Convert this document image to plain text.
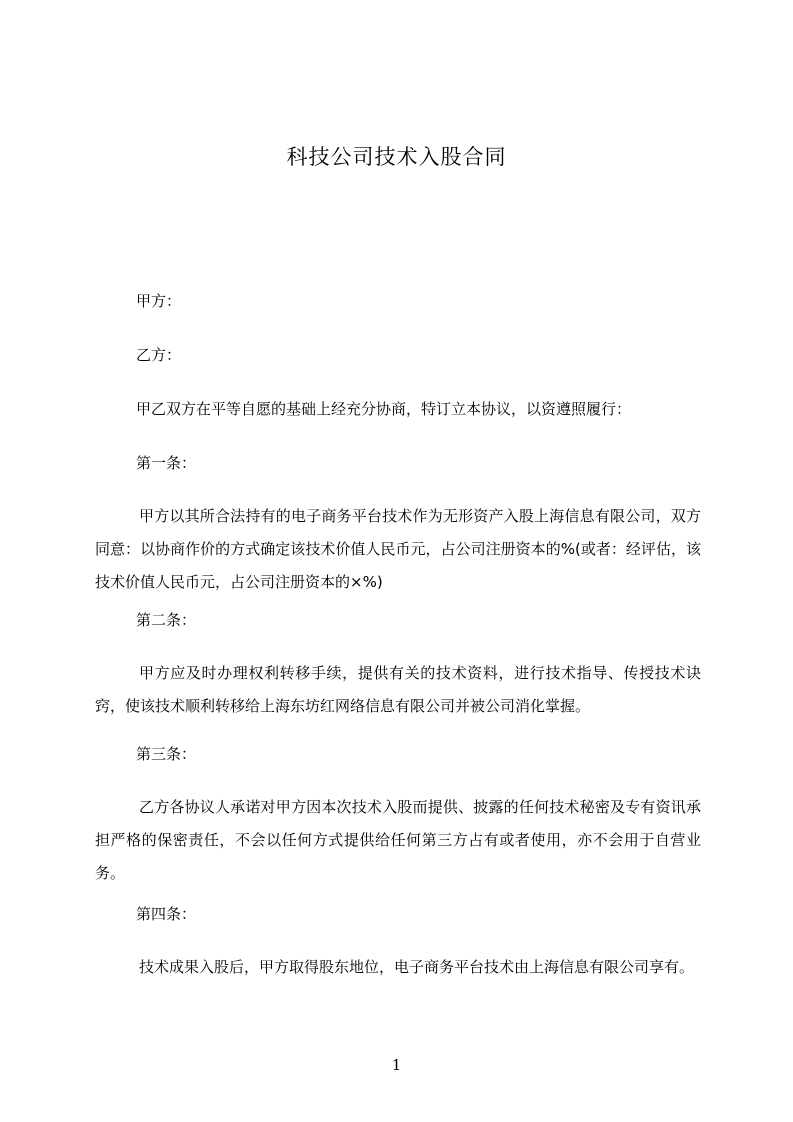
科技公司技术入股合同
甲方：
乙方：
甲乙双方在平等自愿的基础上经充分协商，特订立本协议，以资遵照履行：
第一条：
甲方以其所合法持有的电子商务平台技术作为无形资产入股上海信息有限公司，双方同意：以协商作价的方式确定该技术价值人民币元，占公司注册资本的%(或者：经评估，该技术价值人民币元，占公司注册资本的×%)
第二条：
甲方应及时办理权利转移手续，提供有关的技术资料，进行技术指导、传授技术诀窍，使该技术顺利转移给上海东坊红网络信息有限公司并被公司消化掌握。
第三条：
乙方各协议人承诺对甲方因本次技术入股而提供、披露的任何技术秘密及专有资讯承担严格的保密责任，不会以任何方式提供给任何第三方占有或者使用，亦不会用于自营业务。
第四条：
技术成果入股后，甲方取得股东地位，电子商务平台技术由上海信息有限公司享有。
1
